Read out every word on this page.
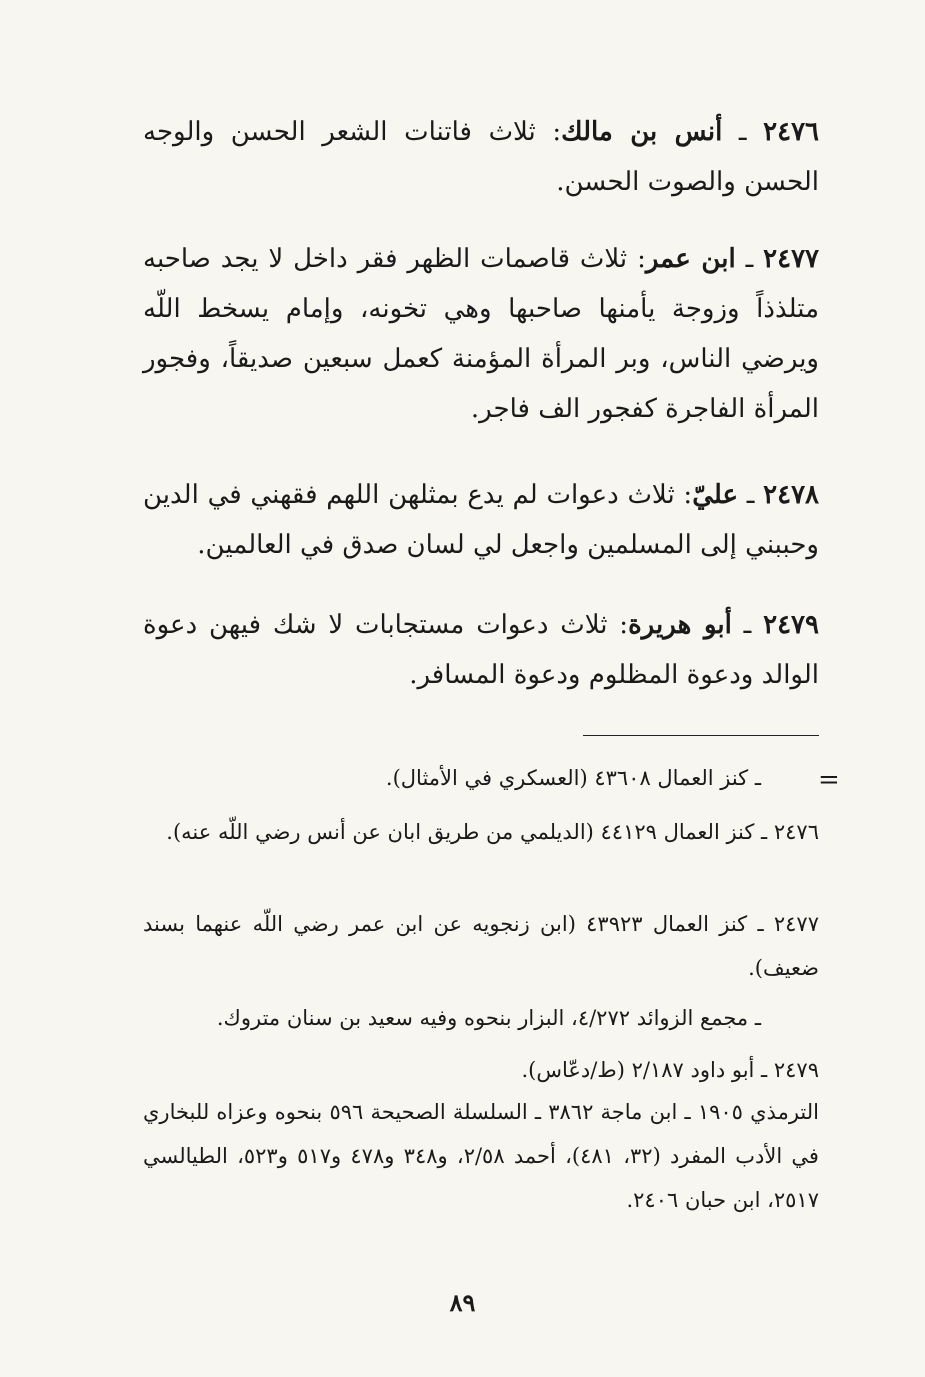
٢٤٧٦ ـ أنس بن مالك: ثلاث فاتنات الشعر الحسن والوجه الحسن والصوت الحسن.

٢٤٧٧ ـ ابن عمر: ثلاث قاصمات الظهر فقر داخل لا يجد صاحبه متلذذاً وزوجة يأمنها صاحبها وهي تخونه، وإمام يسخط اللّه ويرضي الناس، وبر المرأة المؤمنة كعمل سبعين صديقاً، وفجور المرأة الفاجرة كفجور الف فاجر.

٢٤٧٨ ـ عليّ: ثلاث دعوات لم يدع بمثلهن اللهم فقهني في الدين وحببني إلى المسلمين واجعل لي لسان صدق في العالمين.

٢٤٧٩ ـ أبو هريرة: ثلاث دعوات مستجابات لا شك فيهن دعوة الوالد ودعوة المظلوم ودعوة المسافر.

=

ـ كنز العمال ٤٣٦٠٨ (العسكري في الأمثال).

٢٤٧٦ ـ كنز العمال ٤٤١٢٩ (الديلمي من طريق ابان عن أنس رضي اللّه عنه).

٢٤٧٧ ـ كنز العمال ٤٣٩٢٣ (ابن زنجويه عن ابن عمر رضي اللّه عنهما بسند ضعيف).

ـ مجمع الزوائد ٤/٢٧٢، البزار بنحوه وفيه سعيد بن سنان متروك.

٢٤٧٩ ـ أبو داود ٢/١٨٧ (ط/دعّاس).

الترمذي ١٩٠٥ ـ ابن ماجة ٣٨٦٢ ـ السلسلة الصحيحة ٥٩٦ بنحوه وعزاه للبخاري في الأدب المفرد (٣٢، ٤٨١)، أحمد ٢/٥٨، و٣٤٨ و٤٧٨ و٥١٧ و٥٢٣، الطيالسي ٢٥١٧، ابن حبان ٢٤٠٦.

٨٩
